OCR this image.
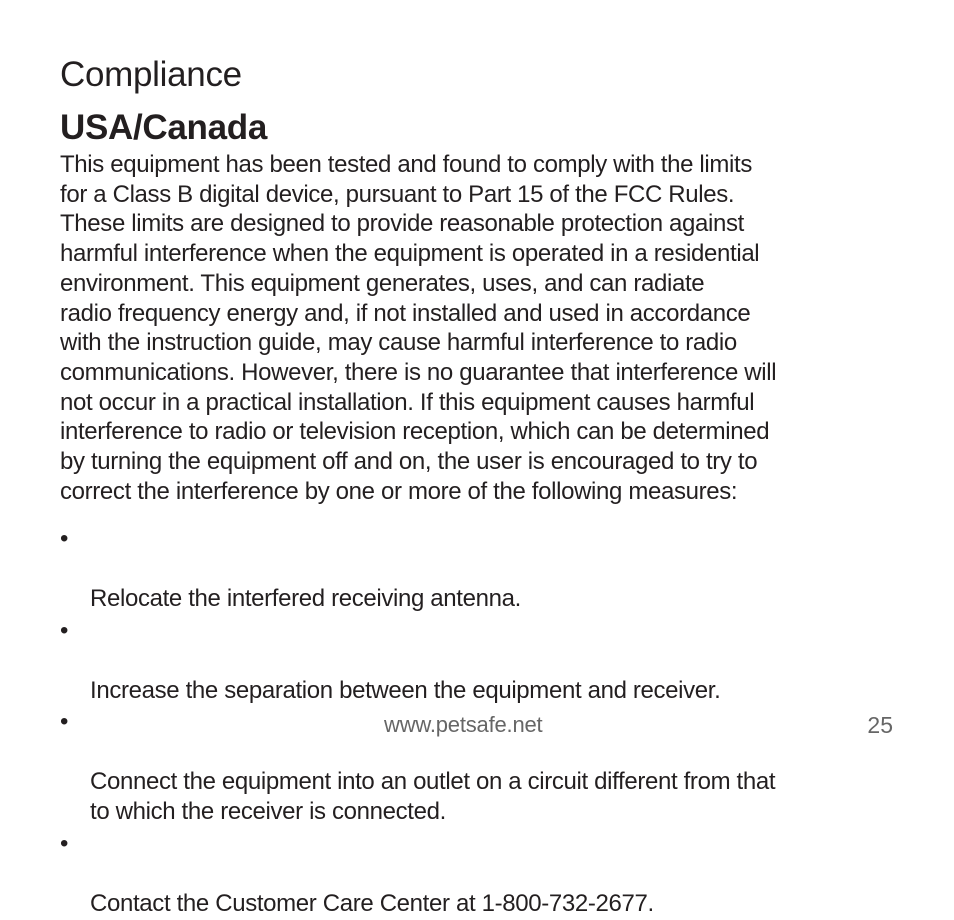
Compliance
USA/Canada

This equipment has been tested and found to comply with the limits
for a Class B digital device, pursuant to Part 15 of the FCC Rules.
These limits are designed to provide reasonable protection against
harmful interference when the equipment is operated in a residential
environment. This equipment generates, uses, and can radiate
radio frequency energy and, if not installed and used in accordance
with the instruction guide, may cause harmful interference to radio
communications. However, there is no guarantee that interference will
not occur in a practical installation. If this equipment causes harmful
interference to radio or television reception, which can be determined
by turning the equipment off and on, the user is encouraged to try to
correct the interference by one or more of the following measures:

•

Relocate the interfered receiving antenna.

•

Increase the separation between the equipment and receiver.

•

Connect the equipment into an outlet on a circuit different from that
to which the receiver is connected.

•

Contact the Customer Care Center at 1-800-732-2677.

www.petsafe.net	25
